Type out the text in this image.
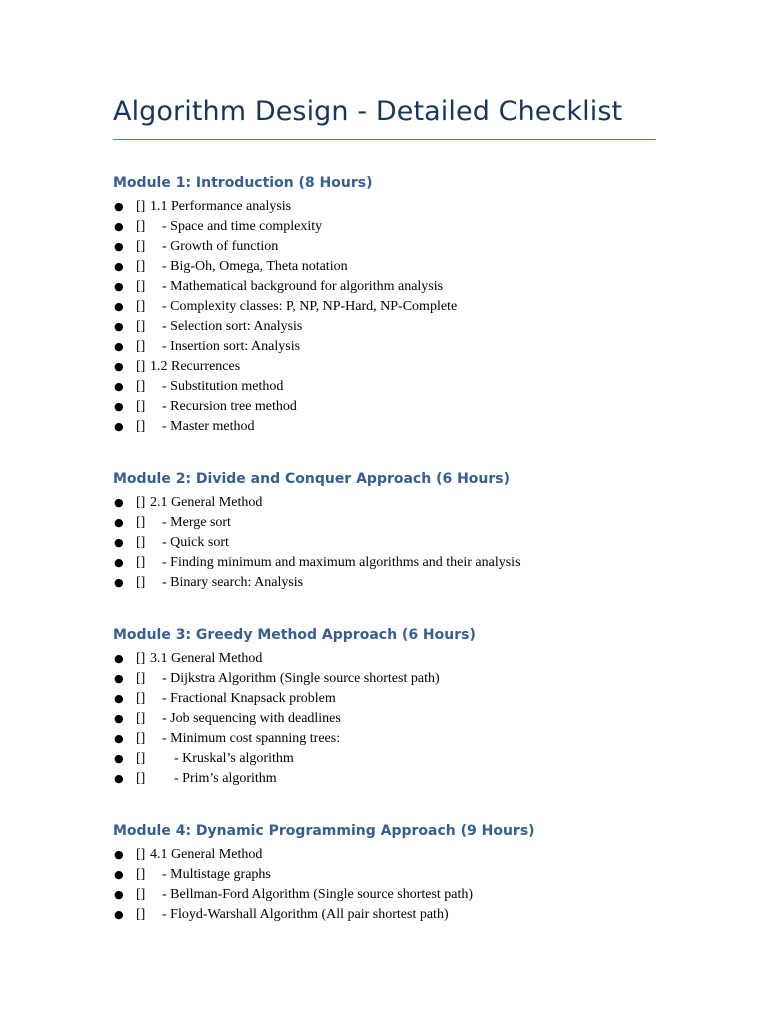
Algorithm Design - Detailed Checklist
Module 1: Introduction (8 Hours)
● [] 1.1 Performance analysis
● [] - Space and time complexity
● [] - Growth of function
● [] - Big-Oh, Omega, Theta notation
● [] - Mathematical background for algorithm analysis
● [] - Complexity classes: P, NP, NP-Hard, NP-Complete
● [] - Selection sort: Analysis
● [] - Insertion sort: Analysis
● [] 1.2 Recurrences
● [] - Substitution method
● [] - Recursion tree method
● [] - Master method
Module 2: Divide and Conquer Approach (6 Hours)
● [] 2.1 General Method
● [] - Merge sort
● [] - Quick sort
● [] - Finding minimum and maximum algorithms and their analysis
● [] - Binary search: Analysis
Module 3: Greedy Method Approach (6 Hours)
● [] 3.1 General Method
● [] - Dijkstra Algorithm (Single source shortest path)
● [] - Fractional Knapsack problem
● [] - Job sequencing with deadlines
● [] - Minimum cost spanning trees:
● [] - Kruskal’s algorithm
● [] - Prim’s algorithm
Module 4: Dynamic Programming Approach (9 Hours)
● [] 4.1 General Method
● [] - Multistage graphs
● [] - Bellman-Ford Algorithm (Single source shortest path)
● [] - Floyd-Warshall Algorithm (All pair shortest path)
